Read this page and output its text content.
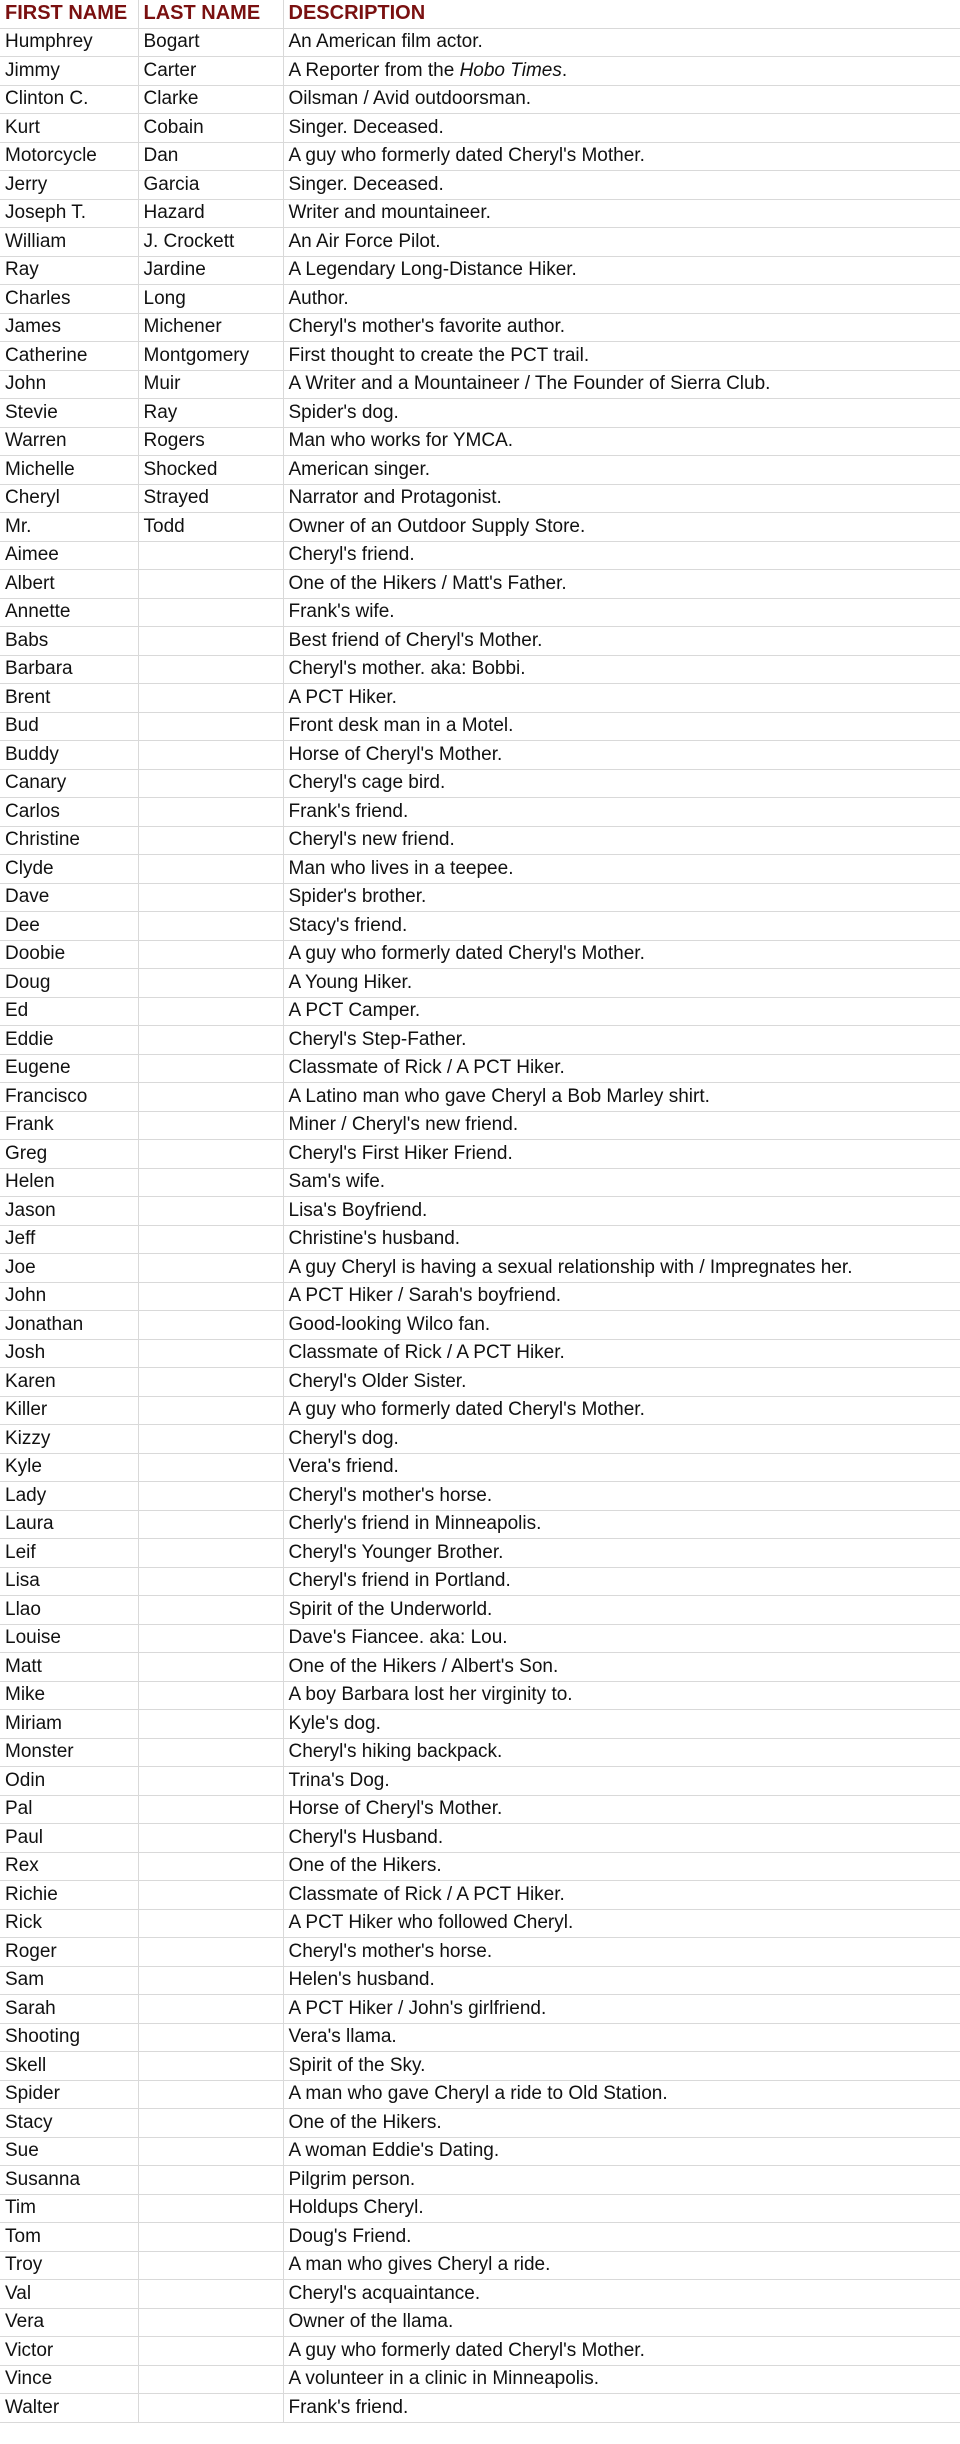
FIRST NAME	LAST NAME	DESCRIPTION
Humphrey	Bogart	An American film actor.
Jimmy	Carter	A Reporter from the Hobo Times.
Clinton C.	Clarke	Oilsman / Avid outdoorsman.
Kurt	Cobain	Singer. Deceased.
Motorcycle	Dan	A guy who formerly dated Cheryl's Mother.
Jerry	Garcia	Singer. Deceased.
Joseph T.	Hazard	Writer and mountaineer.
William	J. Crockett	An Air Force Pilot.
Ray	Jardine	A Legendary Long-Distance Hiker.
Charles	Long	Author.
James	Michener	Cheryl's mother's favorite author.
Catherine	Montgomery	First thought to create the PCT trail.
John	Muir	A Writer and a Mountaineer / The Founder of Sierra Club.
Stevie	Ray	Spider's dog.
Warren	Rogers	Man who works for YMCA.
Michelle	Shocked	American singer.
Cheryl	Strayed	Narrator and Protagonist.
Mr.	Todd	Owner of an Outdoor Supply Store.
Aimee		Cheryl's friend.
Albert		One of the Hikers / Matt's Father.
Annette		Frank's wife.
Babs		Best friend of Cheryl's Mother.
Barbara		Cheryl's mother. aka: Bobbi.
Brent		A PCT Hiker.
Bud		Front desk man in a Motel.
Buddy		Horse of Cheryl's Mother.
Canary		Cheryl's cage bird.
Carlos		Frank's friend.
Christine		Cheryl's new friend.
Clyde		Man who lives in a teepee.
Dave		Spider's brother.
Dee		Stacy's friend.
Doobie		A guy who formerly dated Cheryl's Mother.
Doug		A Young Hiker.
Ed		A PCT Camper.
Eddie		Cheryl's Step-Father.
Eugene		Classmate of Rick / A PCT Hiker.
Francisco		A Latino man who gave Cheryl a Bob Marley shirt.
Frank		Miner / Cheryl's new friend.
Greg		Cheryl's First Hiker Friend.
Helen		Sam's wife.
Jason		Lisa's Boyfriend.
Jeff		Christine's husband.
Joe		A guy Cheryl is having a sexual relationship with / Impregnates her.
John		A PCT Hiker / Sarah's boyfriend.
Jonathan		Good-looking Wilco fan.
Josh		Classmate of Rick / A PCT Hiker.
Karen		Cheryl's Older Sister.
Killer		A guy who formerly dated Cheryl's Mother.
Kizzy		Cheryl's dog.
Kyle		Vera's friend.
Lady		Cheryl's mother's horse.
Laura		Cherly's friend in Minneapolis.
Leif		Cheryl's Younger Brother.
Lisa		Cheryl's friend in Portland.
Llao		Spirit of the Underworld.
Louise		Dave's Fiancee. aka: Lou.
Matt		One of the Hikers / Albert's Son.
Mike		A boy Barbara lost her virginity to.
Miriam		Kyle's dog.
Monster		Cheryl's hiking backpack.
Odin		Trina's Dog.
Pal		Horse of Cheryl's Mother.
Paul		Cheryl's Husband.
Rex		One of the Hikers.
Richie		Classmate of Rick / A PCT Hiker.
Rick		A PCT Hiker who followed Cheryl.
Roger		Cheryl's mother's horse.
Sam		Helen's husband.
Sarah		A PCT Hiker / John's girlfriend.
Shooting		Vera's llama.
Skell		Spirit of the Sky.
Spider		A man who gave Cheryl a ride to Old Station.
Stacy		One of the Hikers.
Sue		A woman Eddie's Dating.
Susanna		Pilgrim person.
Tim		Holdups Cheryl.
Tom		Doug's Friend.
Troy		A man who gives Cheryl a ride.
Val		Cheryl's acquaintance.
Vera		Owner of the llama.
Victor		A guy who formerly dated Cheryl's Mother.
Vince		A volunteer in a clinic in Minneapolis.
Walter		Frank's friend.
